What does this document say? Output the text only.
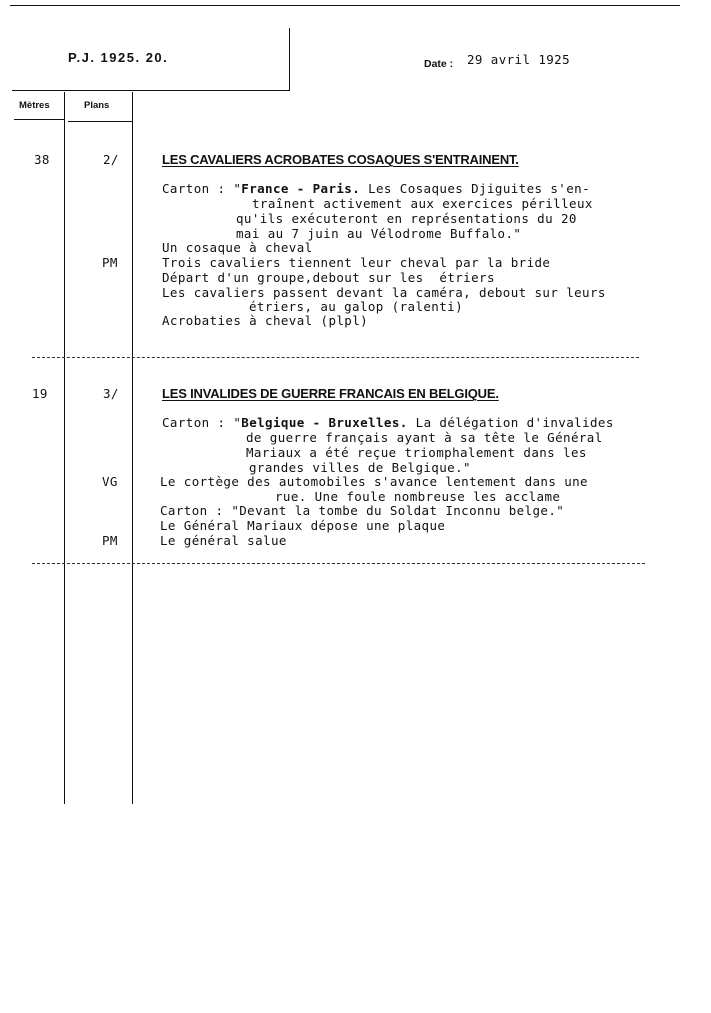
P.J. 1925. 20.	Date : 29 avril 1925
Mètres	Plans
38	2/	LES CAVALIERS ACROBATES COSAQUES S'ENTRAINENT.
Carton : "France - Paris. Les Cosaques Djiguites s'en-
traînent activement aux exercices périlleux
qu'ils exécuteront en représentations du 20
mai au 7 juin au Vélodrome Buffalo."
Un cosaque à cheval
PM	Trois cavaliers tiennent leur cheval par la bride
Départ d'un groupe,debout sur les  étriers
Les cavaliers passent devant la caméra, debout sur leurs
étriers, au galop (ralenti)
Acrobaties à cheval (plpl)
19	3/	LES INVALIDES DE GUERRE FRANCAIS EN BELGIQUE.
Carton : "Belgique - Bruxelles. La délégation d'invalides
de guerre français ayant à sa tête le Général
Mariaux a été reçue triomphalement dans les
grandes villes de Belgique."
VG	Le cortège des automobiles s'avance lentement dans une
rue. Une foule nombreuse les acclame
Carton : "Devant la tombe du Soldat Inconnu belge."
Le Général Mariaux dépose une plaque
PM	Le général salue
